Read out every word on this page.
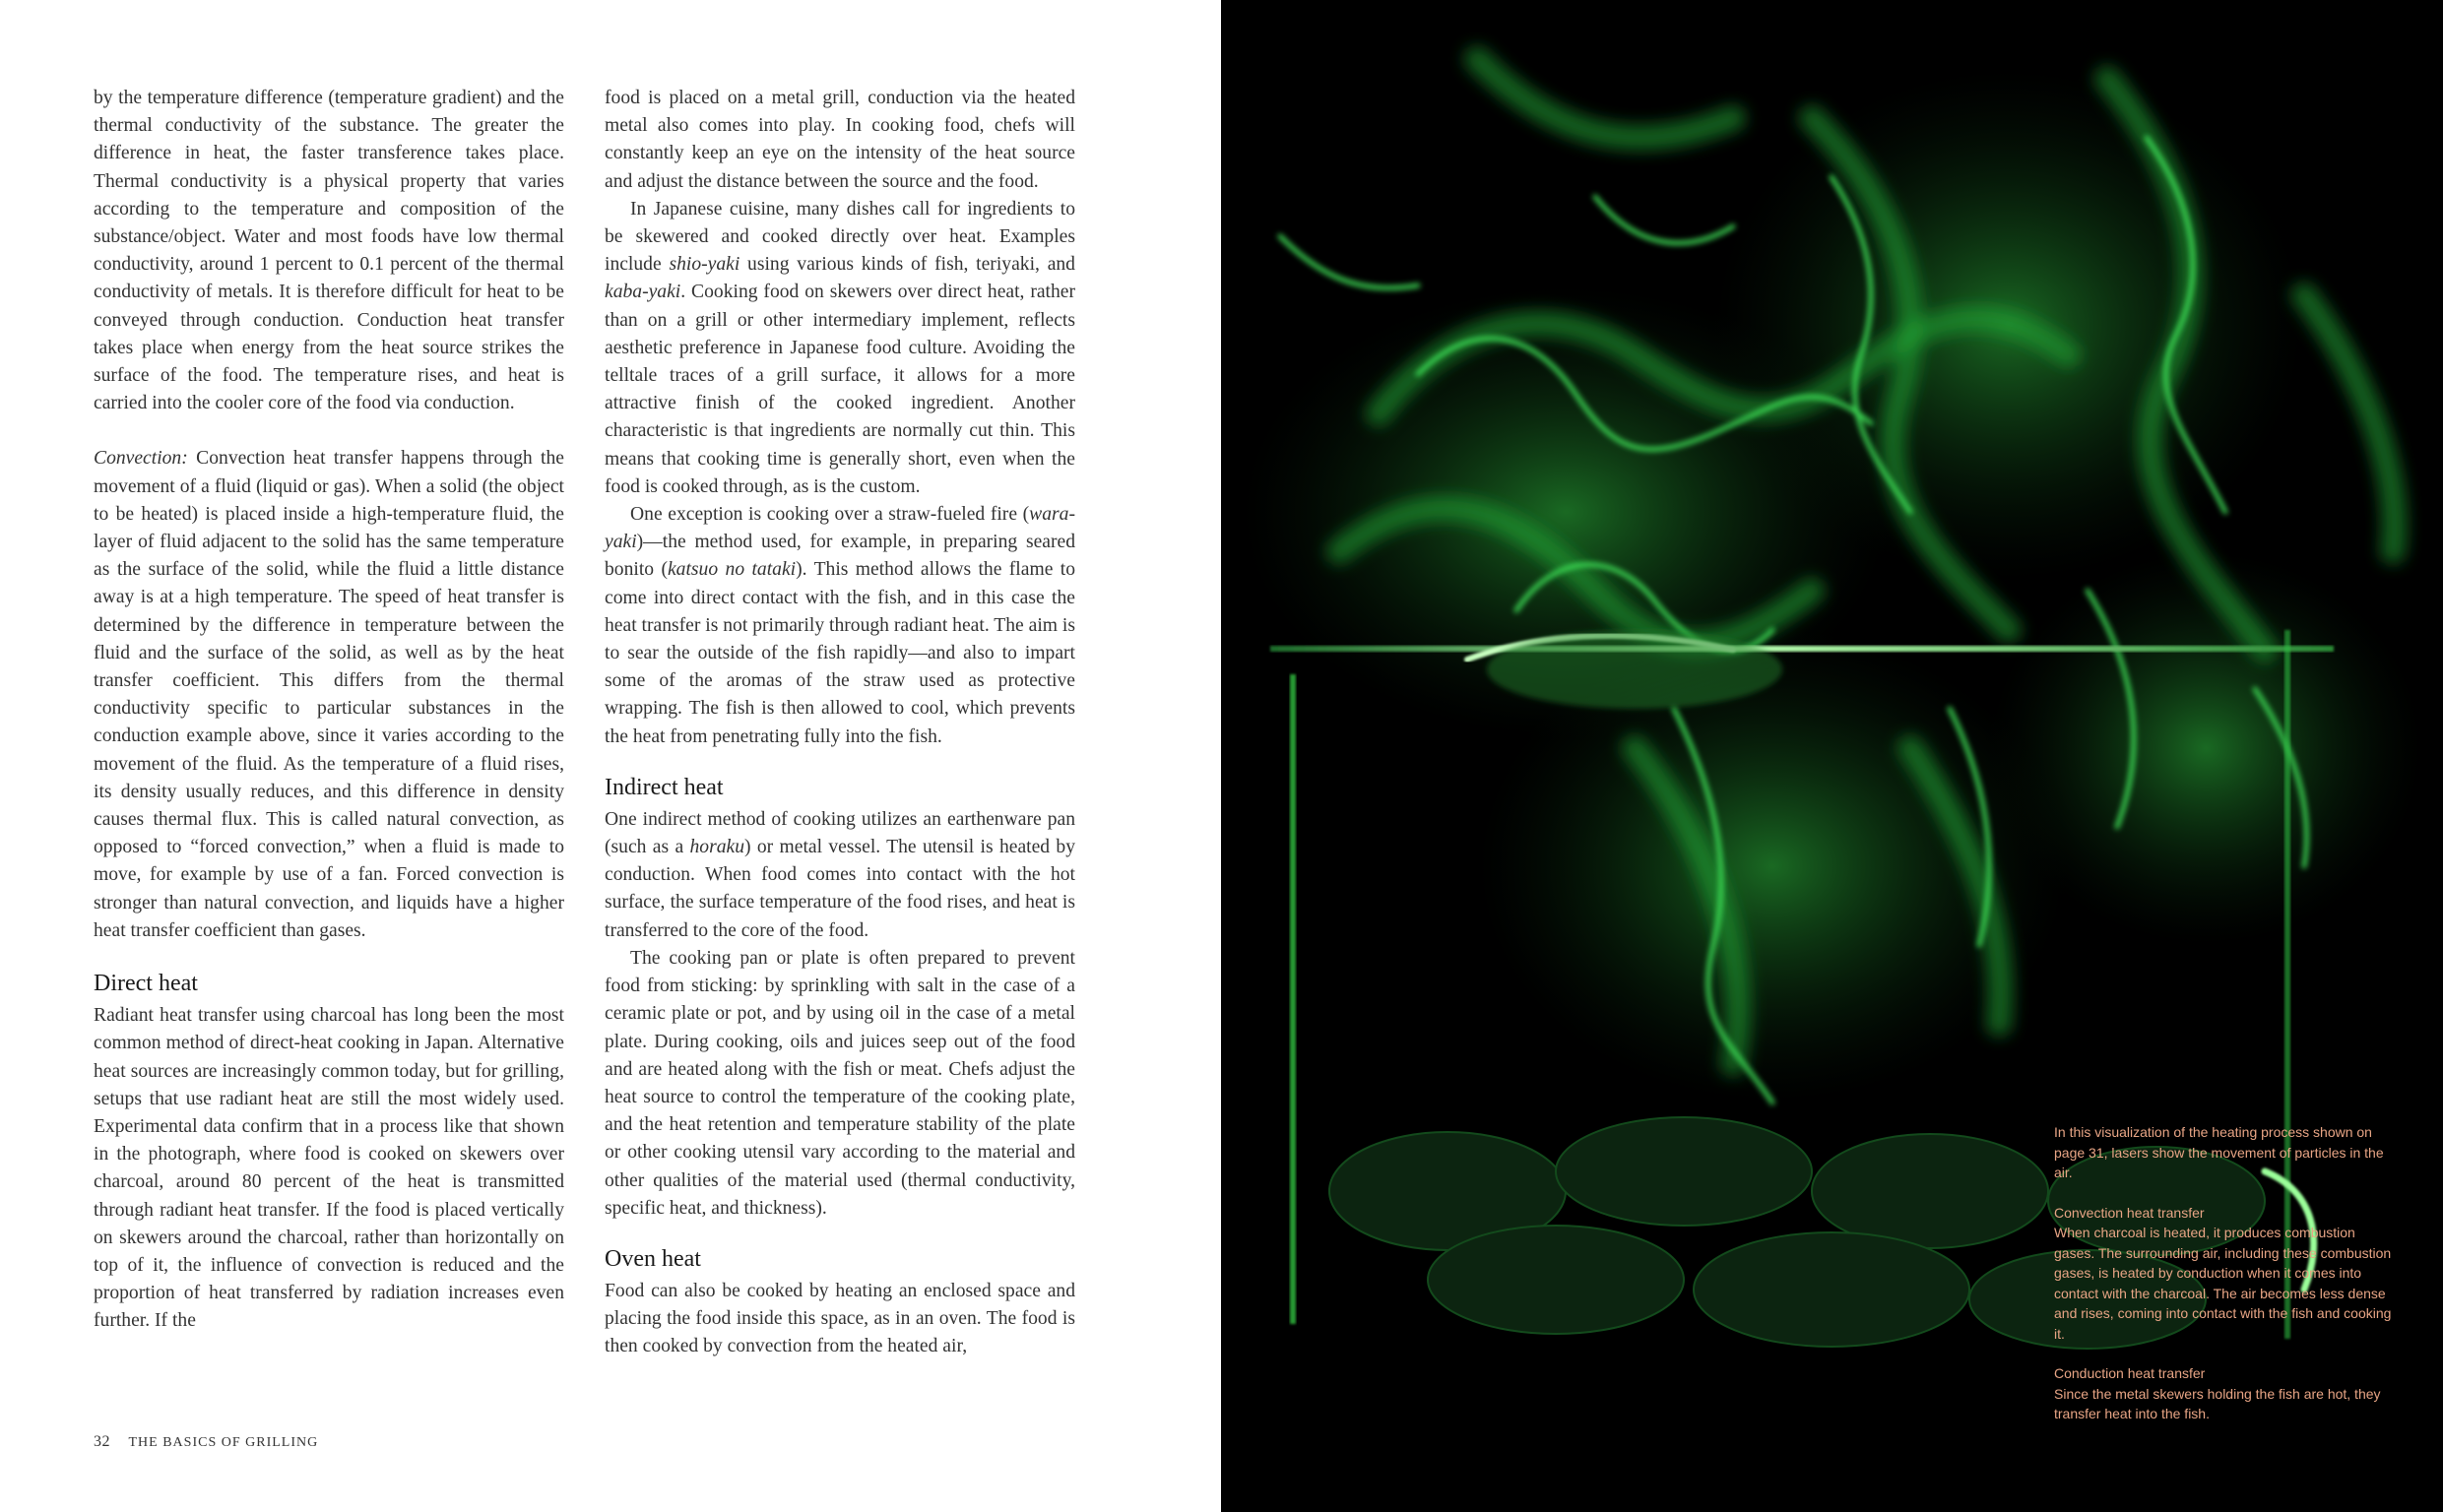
by the temperature difference (temperature gradient) and the thermal conductivity of the substance. The greater the difference in heat, the faster transference takes place. Thermal conductivity is a physical property that varies according to the temperature and composition of the substance/object. Water and most foods have low thermal conductivity, around 1 percent to 0.1 percent of the thermal conductivity of metals. It is therefore difficult for heat to be conveyed through conduction. Conduction heat transfer takes place when energy from the heat source strikes the surface of the food. The temperature rises, and heat is carried into the cooler core of the food via conduction.

Convection: Convection heat transfer happens through the movement of a fluid (liquid or gas). When a solid (the object to be heated) is placed inside a high-temperature fluid, the layer of fluid adjacent to the solid has the same temperature as the surface of the solid, while the fluid a little distance away is at a high temperature. The speed of heat transfer is determined by the difference in temperature between the fluid and the surface of the solid, as well as by the heat transfer coefficient. This differs from the thermal conductivity specific to particular substances in the conduction example above, since it varies according to the movement of the fluid. As the temperature of a fluid rises, its density usually reduces, and this difference in density causes thermal flux. This is called natural convection, as opposed to “forced convection,” when a fluid is made to move, for example by use of a fan. Forced convection is stronger than natural convection, and liquids have a higher heat transfer coefficient than gases.

Direct heat

Radiant heat transfer using charcoal has long been the most common method of direct-heat cooking in Japan. Alternative heat sources are increasingly common today, but for grilling, setups that use radiant heat are still the most widely used. Experimental data confirm that in a process like that shown in the photograph, where food is cooked on skewers over charcoal, around 80 percent of the heat is transmitted through radiant heat transfer. If the food is placed vertically on skewers around the charcoal, rather than horizontally on top of it, the influence of convection is reduced and the proportion of heat transferred by radiation increases even further. If the

food is placed on a metal grill, conduction via the heated metal also comes into play. In cooking food, chefs will constantly keep an eye on the intensity of the heat source and adjust the distance between the source and the food.

In Japanese cuisine, many dishes call for ingredients to be skewered and cooked directly over heat. Examples include shio-yaki using various kinds of fish, teriyaki, and kaba-yaki. Cooking food on skewers over direct heat, rather than on a grill or other intermediary implement, reflects aesthetic preference in Japanese food culture. Avoiding the telltale traces of a grill surface, it allows for a more attractive finish of the cooked ingredient. Another characteristic is that ingredients are normally cut thin. This means that cooking time is generally short, even when the food is cooked through, as is the custom.

One exception is cooking over a straw-fueled fire (wara-yaki)—the method used, for example, in preparing seared bonito (katsuo no tataki). This method allows the flame to come into direct contact with the fish, and in this case the heat transfer is not primarily through radiant heat. The aim is to sear the outside of the fish rapidly—and also to impart some of the aromas of the straw used as protective wrapping. The fish is then allowed to cool, which prevents the heat from penetrating fully into the fish.

Indirect heat

One indirect method of cooking utilizes an earthenware pan (such as a horaku) or metal vessel. The utensil is heated by conduction. When food comes into contact with the hot surface, the surface temperature of the food rises, and heat is transferred to the core of the food.

The cooking pan or plate is often prepared to prevent food from sticking: by sprinkling with salt in the case of a ceramic plate or pot, and by using oil in the case of a metal plate. During cooking, oils and juices seep out of the food and are heated along with the fish or meat. Chefs adjust the heat source to control the temperature of the cooking plate, and the heat retention and temperature stability of the plate or other cooking utensil vary according to the material and other qualities of the material used (thermal conductivity, specific heat, and thickness).

Oven heat

Food can also be cooked by heating an enclosed space and placing the food inside this space, as in an oven. The food is then cooked by convection from the heated air,

32 THE BASICS OF GRILLING

In this visualization of the heating process shown on page 31, lasers show the movement of particles in the air.

Convection heat transfer
When charcoal is heated, it produces combustion gases. The surrounding air, including these combustion gases, is heated by conduction when it comes into contact with the charcoal. The air becomes less dense and rises, coming into contact with the fish and cooking it.

Conduction heat transfer
Since the metal skewers holding the fish are hot, they transfer heat into the fish.
